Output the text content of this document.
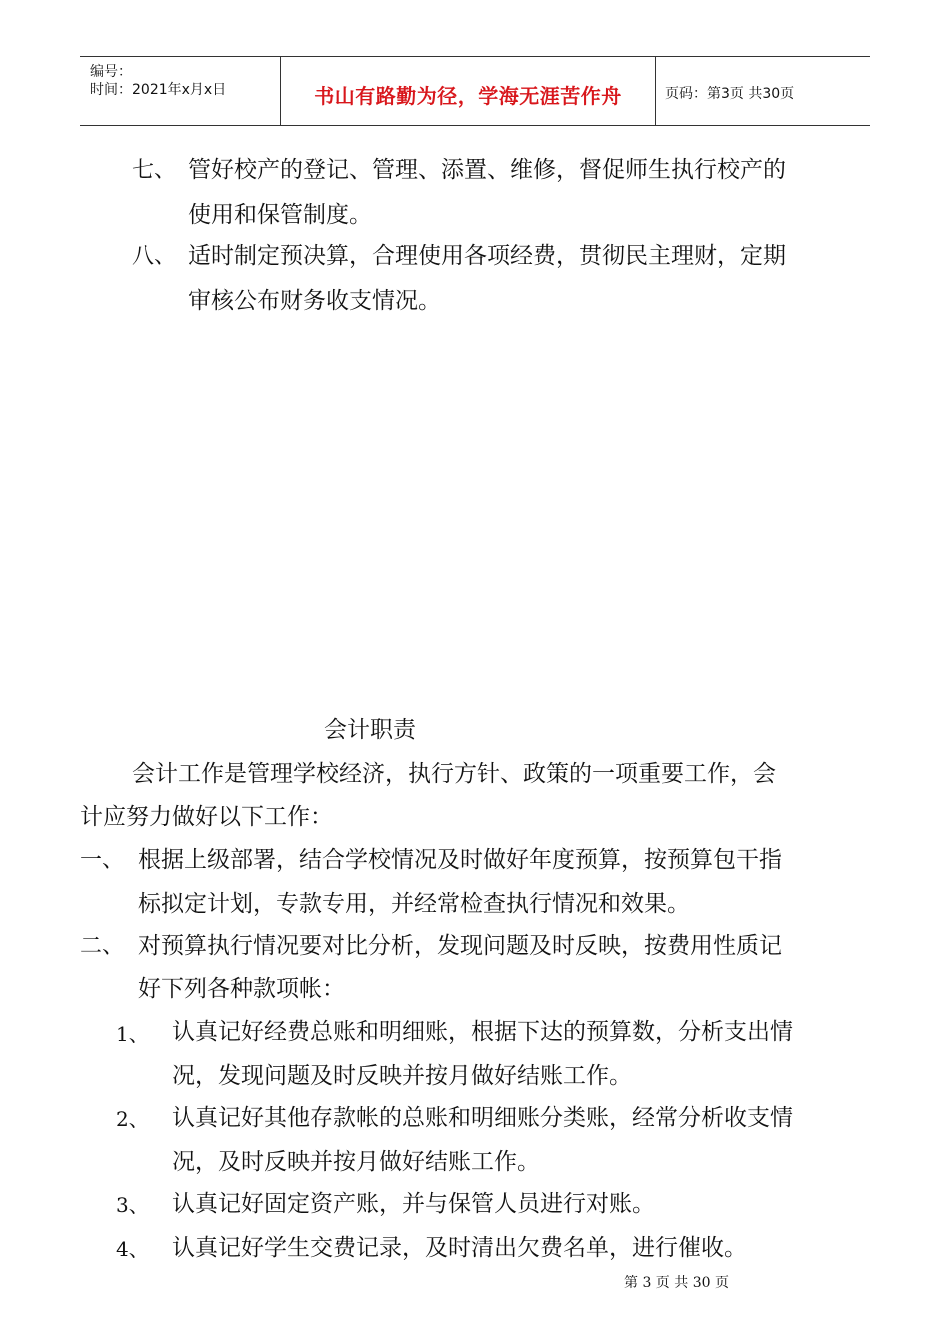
编号：
时间：2021年x月x日	书山有路勤为径，学海无涯苦作舟	页码：第3页 共30页
七、 管好校产的登记、管理、添置、维修，督促师生执行校产的
使用和保管制度。
八、 适时制定预决算，合理使用各项经费，贯彻民主理财，定期
审核公布财务收支情况。
会计职责
会计工作是管理学校经济，执行方针、政策的一项重要工作，会
计应努力做好以下工作：
一、 根据上级部署，结合学校情况及时做好年度预算，按预算包干指
标拟定计划，专款专用，并经常检查执行情况和效果。
二、 对预算执行情况要对比分析，发现问题及时反映，按费用性质记
好下列各种款项帐：
1、 认真记好经费总账和明细账，根据下达的预算数，分析支出情
况，发现问题及时反映并按月做好结账工作。
2、 认真记好其他存款帐的总账和明细账分类账，经常分析收支情
况，及时反映并按月做好结账工作。
3、 认真记好固定资产账，并与保管人员进行对账。
4、 认真记好学生交费记录，及时清出欠费名单，进行催收。
第 3 页 共 30 页
